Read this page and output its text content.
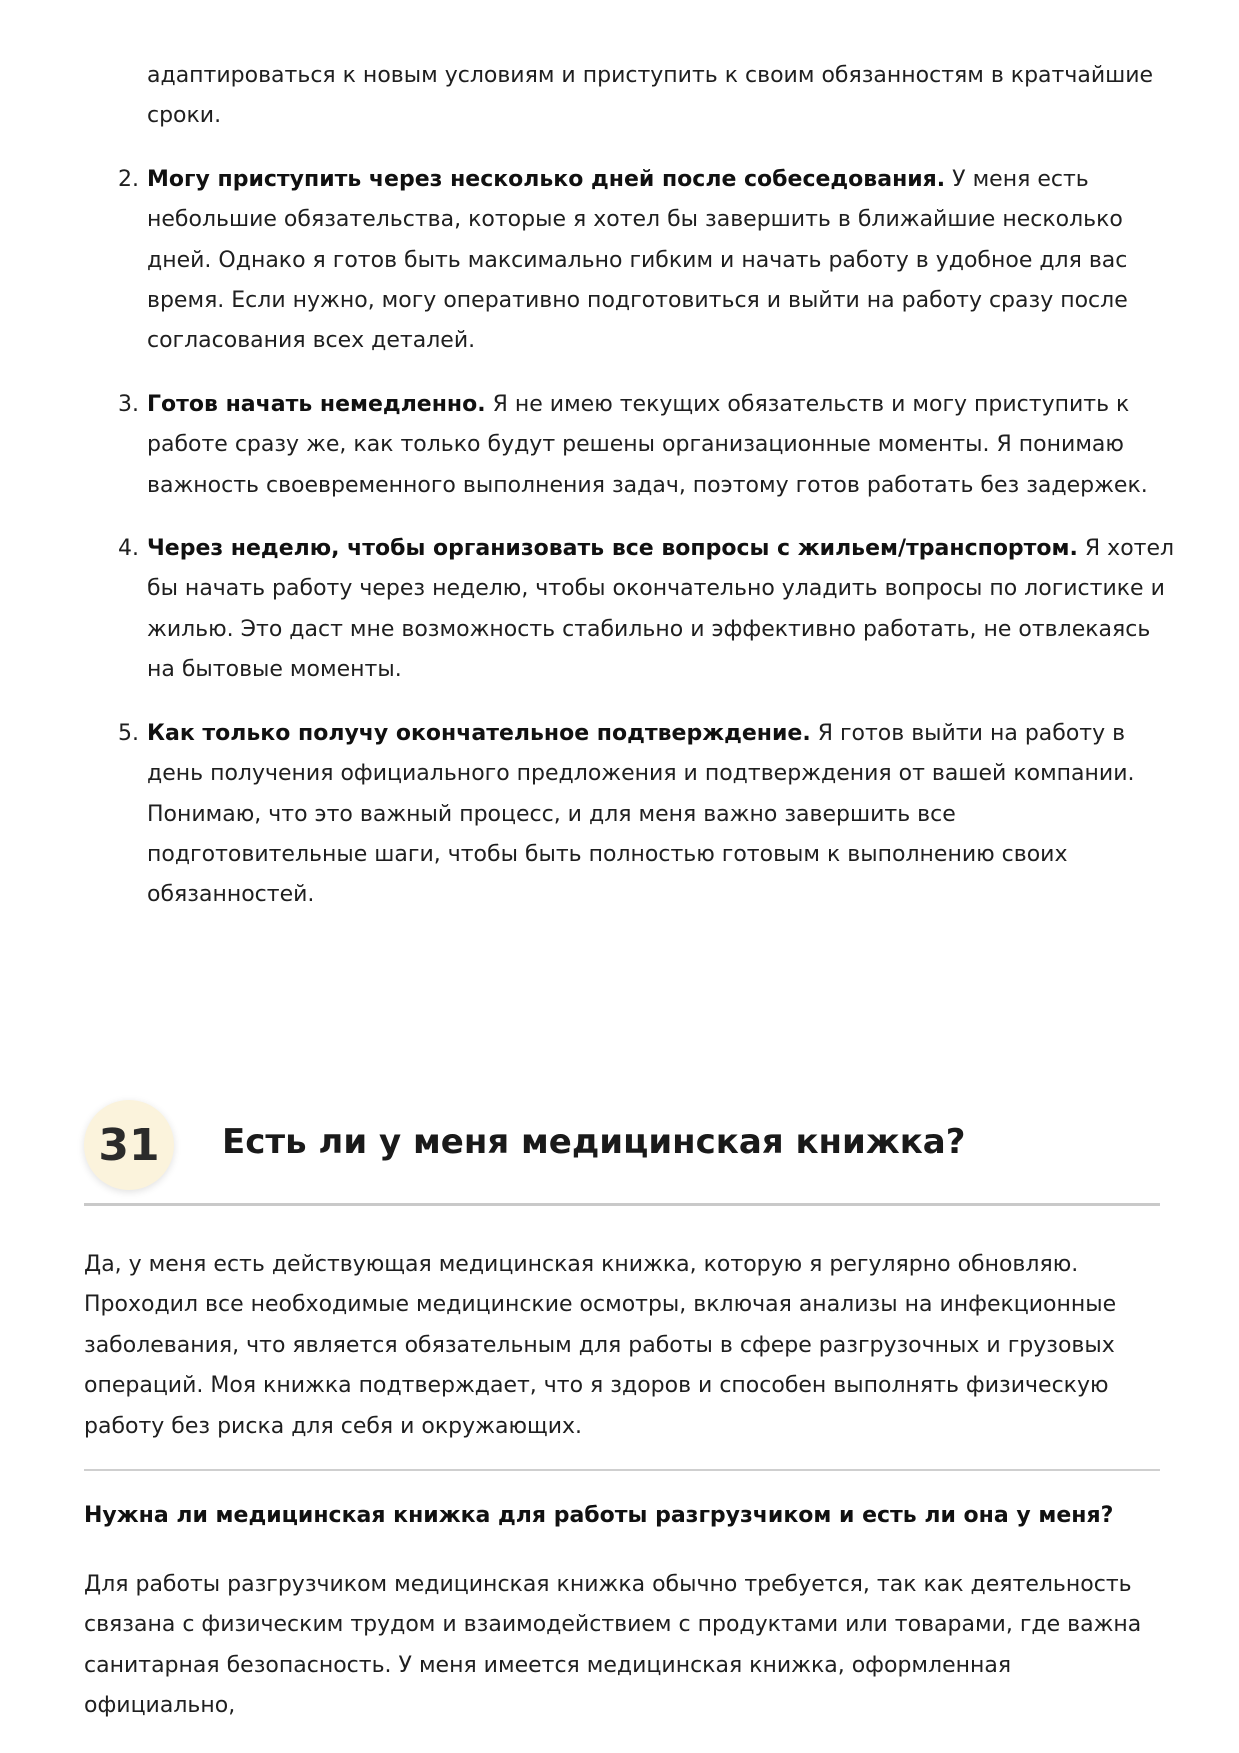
адаптироваться к новым условиям и приступить к своим обязанностям в кратчайшие сроки.
2. Могу приступить через несколько дней после собеседования. У меня есть небольшие обязательства, которые я хотел бы завершить в ближайшие несколько дней. Однако я готов быть максимально гибким и начать работу в удобное для вас время. Если нужно, могу оперативно подготовиться и выйти на работу сразу после согласования всех деталей.
3. Готов начать немедленно. Я не имею текущих обязательств и могу приступить к работе сразу же, как только будут решены организационные моменты. Я понимаю важность своевременного выполнения задач, поэтому готов работать без задержек.
4. Через неделю, чтобы организовать все вопросы с жильем/транспортом. Я хотел бы начать работу через неделю, чтобы окончательно уладить вопросы по логистике и жилью. Это даст мне возможность стабильно и эффективно работать, не отвлекаясь на бытовые моменты.
5. Как только получу окончательное подтверждение. Я готов выйти на работу в день получения официального предложения и подтверждения от вашей компании. Понимаю, что это важный процесс, и для меня важно завершить все подготовительные шаги, чтобы быть полностью готовым к выполнению своих обязанностей.
31	Есть ли у меня медицинская книжка?
Да, у меня есть действующая медицинская книжка, которую я регулярно обновляю. Проходил все необходимые медицинские осмотры, включая анализы на инфекционные заболевания, что является обязательным для работы в сфере разгрузочных и грузовых операций. Моя книжка подтверждает, что я здоров и способен выполнять физическую работу без риска для себя и окружающих.
Нужна ли медицинская книжка для работы разгрузчиком и есть ли она у меня?
Для работы разгрузчиком медицинская книжка обычно требуется, так как деятельность связана с физическим трудом и взаимодействием с продуктами или товарами, где важна санитарная безопасность. У меня имеется медицинская книжка, оформленная официально,
